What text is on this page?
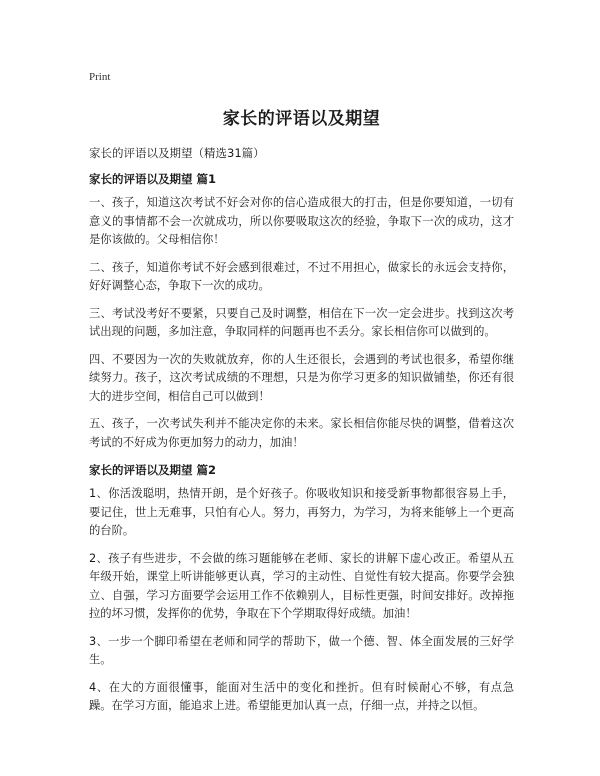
Print

家长的评语以及期望

家长的评语以及期望（精选31篇）

家长的评语以及期望 篇1

一、孩子，知道这次考试不好会对你的信心造成很大的打击，但是你要知道，一切有意义的事情都不会一次就成功，所以你要吸取这次的经验，争取下一次的成功，这才是你该做的。父母相信你！

二、孩子，知道你考试不好会感到很难过，不过不用担心，做家长的永远会支持你，好好调整心态，争取下一次的成功。

三、考试没考好不要紧，只要自己及时调整，相信在下一次一定会进步。找到这次考试出现的问题，多加注意，争取同样的问题再也不丢分。家长相信你可以做到的。

四、不要因为一次的失败就放弃，你的人生还很长，会遇到的考试也很多，希望你继续努力。孩子，这次考试成绩的不理想，只是为你学习更多的知识做铺垫，你还有很大的进步空间，相信自己可以做到！

五、孩子，一次考试失利并不能决定你的未来。家长相信你能尽快的调整，借着这次考试的不好成为你更加努力的动力，加油！

家长的评语以及期望 篇2

1、你活泼聪明，热情开朗，是个好孩子。你吸收知识和接受新事物都很容易上手，要记住，世上无难事，只怕有心人。努力，再努力，为学习，为将来能够上一个更高的台阶。

2、孩子有些进步，不会做的练习题能够在老师、家长的讲解下虚心改正。希望从五年级开始，课堂上听讲能够更认真，学习的主动性、自觉性有较大提高。你要学会独立、自强，学习方面要学会运用工作不依赖别人，目标性更强，时间安排好。改掉拖拉的坏习惯，发挥你的优势，争取在下个学期取得好成绩。加油！

3、一步一个脚印希望在老师和同学的帮助下，做一个德、智、体全面发展的三好学生。

4、在大的方面很懂事，能面对生活中的变化和挫折。但有时候耐心不够，有点急躁。在学习方面，能追求上进。希望能更加认真一点，仔细一点，并持之以恒。
